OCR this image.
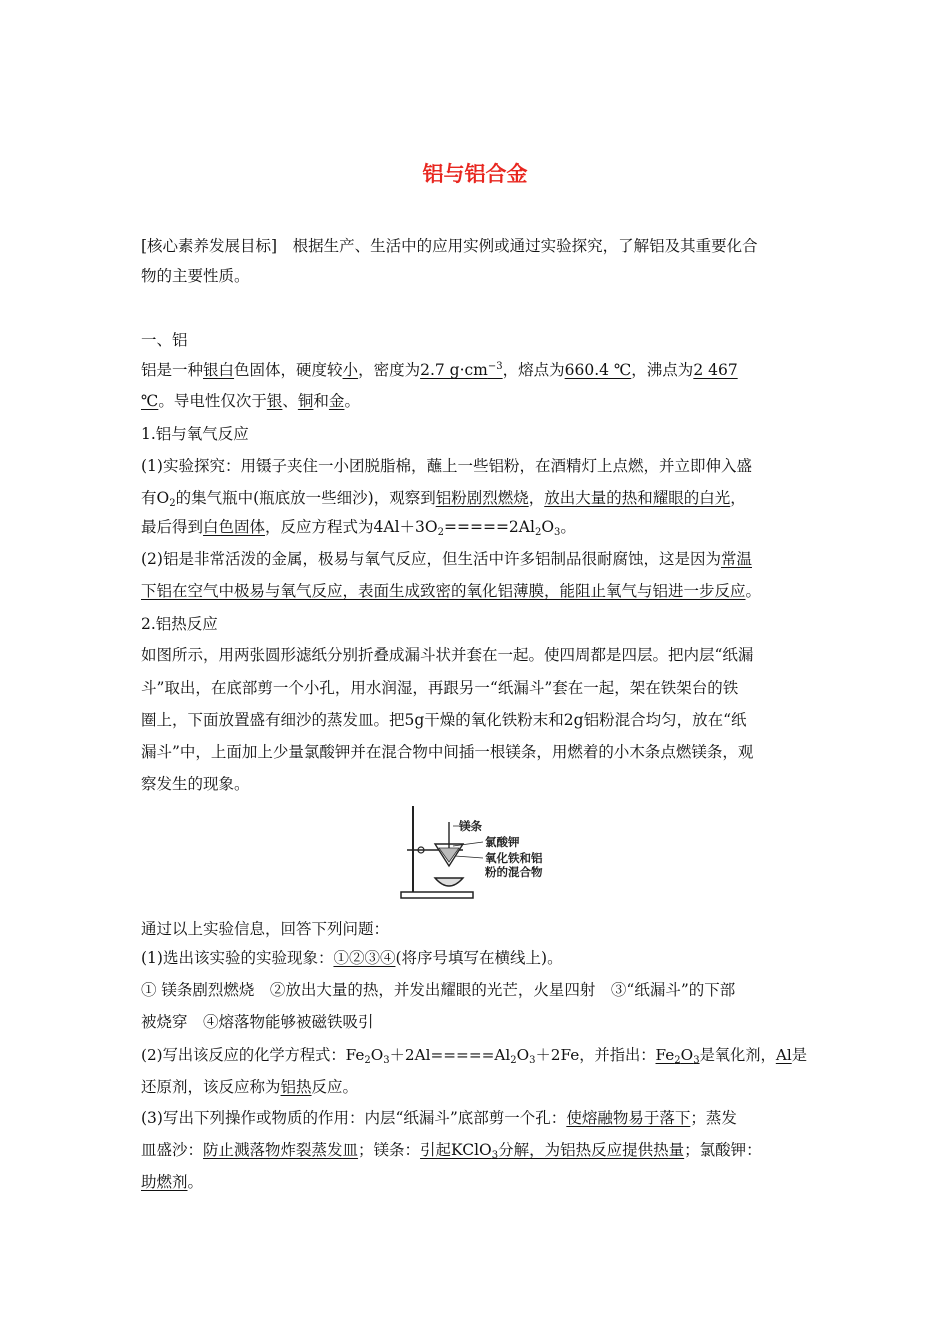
铝与铝合金
[核心素养发展目标]　根据生产、生活中的应用实例或通过实验探究，了解铝及其重要化合
物的主要性质。
一、铝
铝是一种银白色固体，硬度较小，密度为2.7 $g\cdot cm^{-3}$，熔点为660.4 ℃，沸点为2 467
℃。导电性仅次于银、铜和金。
1.铝与氧气反应
(1)实验探究：用镊子夹住一小团脱脂棉，蘸上一些铝粉，在酒精灯上点燃，并立即伸入盛
有$O_2$的集气瓶中(瓶底放一些细沙)，观察到铝粉剧烈燃烧，放出大量的热和耀眼的白光，
最后得到白色固体，反应方程式为$4Al+3O_2=====2Al_2O_3$。
(2)铝是非常活泼的金属，极易与氧气反应，但生活中许多铝制品很耐腐蚀，这是因为常温
下铝在空气中极易与氧气反应，表面生成致密的氧化铝薄膜，能阻止氧气与铝进一步反应。
2.铝热反应
如图所示，用两张圆形滤纸分别折叠成漏斗状并套在一起。使四周都是四层。把内层“纸漏
斗”取出，在底部剪一个小孔，用水润湿，再跟另一“纸漏斗”套在一起，架在铁架台的铁
圈上，下面放置盛有细沙的蒸发皿。把5g干燥的氧化铁粉末和2g铝粉混合均匀，放在“纸
漏斗”中，上面加上少量氯酸钾并在混合物中间插一根镁条，用燃着的小木条点燃镁条，观
察发生的现象。
镁条
氯酸钾
氧化铁和铝
粉的混合物
通过以上实验信息，回答下列问题：
(1)选出该实验的实验现象：①②③④(将序号填写在横线上)。
① 镁条剧烈燃烧　②放出大量的热，并发出耀眼的光芒，火星四射　③“纸漏斗”的下部
被烧穿　④熔落物能够被磁铁吸引
(2)写出该反应的化学方程式：$Fe_2O_3+2Al=====Al_2O_3+2Fe$，并指出：$Fe_2O_3$是氧化剂，Al是
还原剂，该反应称为铝热反应。
(3)写出下列操作或物质的作用：内层“纸漏斗”底部剪一个孔：使熔融物易于落下；蒸发
皿盛沙：防止溅落物炸裂蒸发皿；镁条：引起KClO$_3$分解，为铝热反应提供热量；氯酸钾：
助燃剂。
